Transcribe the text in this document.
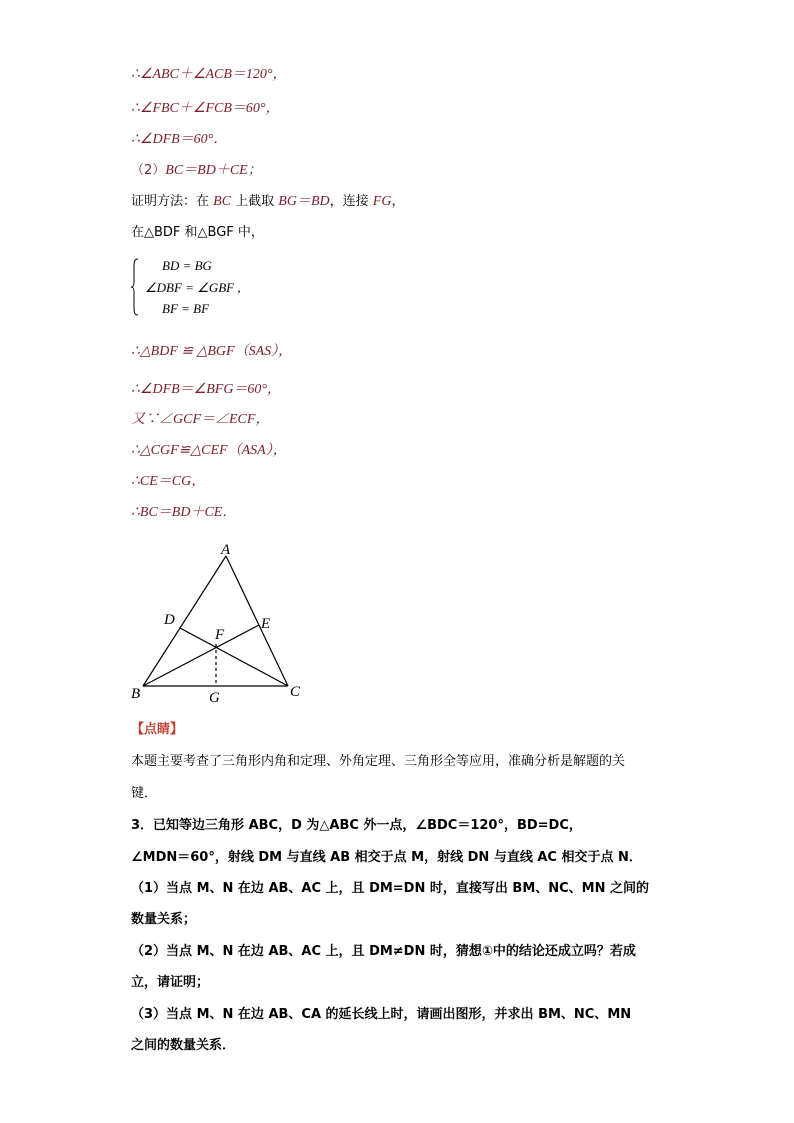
∴∠ABC＋∠ACB＝120°，
∴∠FBC＋∠FCB＝60°，
∴∠DFB＝60°．
（2）BC＝BD＋CE；
证明方法：在 BC 上截取 BG＝BD，连接 FG，
在△BDF 和△BGF 中，
BD = BG
∠DBF = ∠GBF ,
BF = BF
∴△BDF ≌ △BGF（SAS），
∴∠DFB＝∠BFG＝60°，
又∵∠GCF＝∠ECF，
∴△CGF≌△CEF（ASA），
∴CE＝CG，
∴BC＝BD＋CE．
A
B	C
D	E
F
G
【点睛】
本题主要考查了三角形内角和定理、外角定理、三角形全等应用，准确分析是解题的关
键．
3．已知等边三角形 ABC，D 为△ABC 外一点，∠BDC＝120°，BD=DC，
∠MDN＝60°，射线 DM 与直线 AB 相交于点 M，射线 DN 与直线 AC 相交于点 N．
（1）当点 M、N 在边 AB、AC 上，且 DM=DN 时，直接写出 BM、NC、MN 之间的
数量关系；
（2）当点 M、N 在边 AB、AC 上，且 DM≠DN 时，猜想①中的结论还成立吗？若成
立，请证明；
（3）当点 M、N 在边 AB、CA 的延长线上时，请画出图形，并求出 BM、NC、MN
之间的数量关系．
